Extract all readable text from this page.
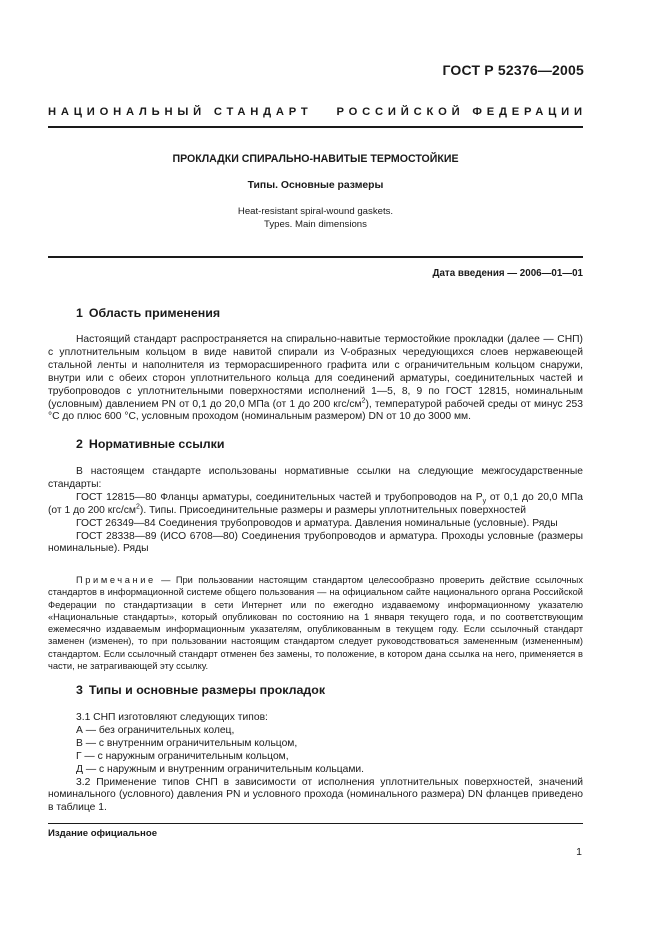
ГОСТ Р 52376—2005
НАЦИОНАЛЬНЫЙ СТАНДАРТ РОССИЙСКОЙ ФЕДЕРАЦИИ
ПРОКЛАДКИ СПИРАЛЬНО-НАВИТЫЕ ТЕРМОСТОЙКИЕ
Типы. Основные размеры
Heat-resistant spiral-wound gaskets.
Types. Main dimensions
Дата введения — 2006—01—01
1 Область применения

Настоящий стандарт распространяется на спирально-навитые термостойкие прокладки (далее — СНП) с уплотнительным кольцом в виде навитой спирали из V-образных чередующихся слоев нержавеющей стальной ленты и наполнителя из терморасширенного графита или с ограничительным кольцом снаружи, внутри или с обеих сторон уплотнительного кольца для соединений арматуры, соединительных частей и трубопроводов с уплотнительными поверхностями исполнений 1—5, 8, 9 по ГОСТ 12815, номинальным (условным) давлением PN от 0,1 до 20,0 МПа (от 1 до 200 кгс/$см^2$), температурой рабочей среды от минус 253 °С до плюс 600 °С, условным проходом (номинальным размером) DN от 10 до 3000 мм.

2 Нормативные ссылки

В настоящем стандарте использованы нормативные ссылки на следующие межгосударственные стандарты:

ГОСТ 12815—80 Фланцы арматуры, соединительных частей и трубопроводов на $Р_у$ от 0,1 до 20,0 МПа (от 1 до 200 кгс/$см^2$). Типы. Присоединительные размеры и размеры уплотнительных поверхностей

ГОСТ 26349—84 Соединения трубопроводов и арматура. Давления номинальные (условные). Ряды

ГОСТ 28338—89 (ИСО 6708—80) Соединения трубопроводов и арматура. Проходы условные (размеры номинальные). Ряды

Примечание — При пользовании настоящим стандартом целесообразно проверить действие ссылочных стандартов в информационной системе общего пользования — на официальном сайте национального органа Российской Федерации по стандартизации в сети Интернет или по ежегодно издаваемому информационному указателю «Национальные стандарты», который опубликован по состоянию на 1 января текущего года, и по соответствующим ежемесячно издаваемым информационным указателям, опубликованным в текущем году. Если ссылочный стандарт заменен (изменен), то при пользовании настоящим стандартом следует руководствоваться замененным (измененным) стандартом. Если ссылочный стандарт отменен без замены, то положение, в котором дана ссылка на него, применяется в части, не затрагивающей эту ссылку.

3 Типы и основные размеры прокладок

3.1 СНП изготовляют следующих типов:

А — без ограничительных колец,

В — с внутренним ограничительным кольцом,

Г — с наружным ограничительным кольцом,

Д — с наружным и внутренним ограничительным кольцами.

3.2 Применение типов СНП в зависимости от исполнения уплотнительных поверхностей, значений номинального (условного) давления PN и условного прохода (номинального размера) DN фланцев приведено в таблице 1.

Издание официальное
1
